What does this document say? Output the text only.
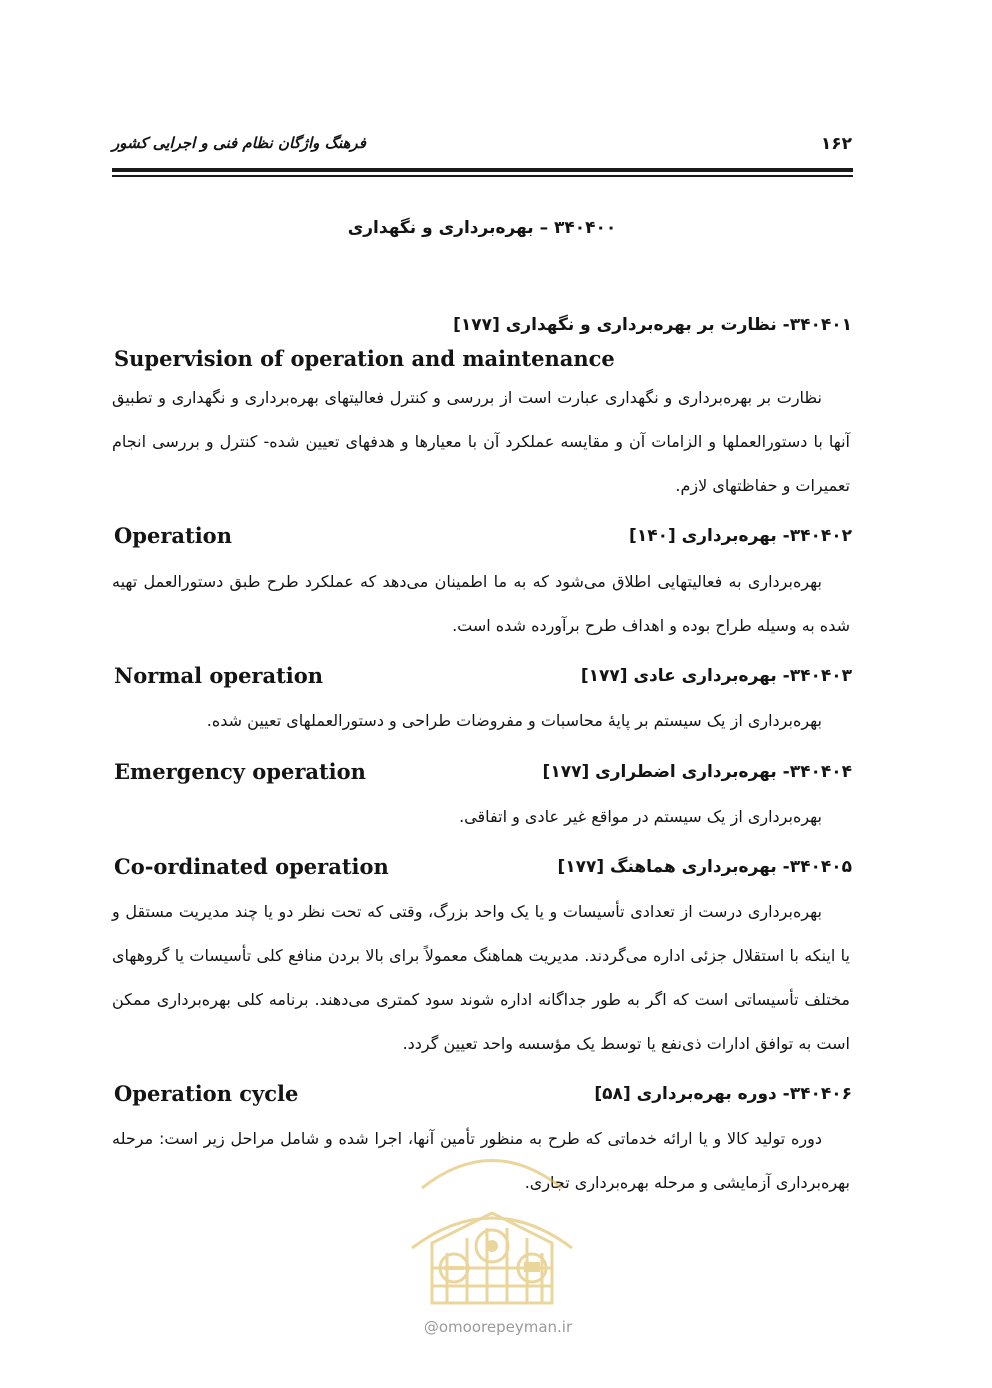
۱۶۲
فرهنگ واژگان نظام فنی و اجرایی کشور
۳۴۰۴۰۰ – بهره‌برداری و نگهداری
۳۴۰۴۰۱- نظارت بر بهره‌برداری و نگهداری [۱۷۷]
Supervision of operation and maintenance
نظارت بر بهره‌برداری و نگهداری عبارت است از بررسی و کنترل فعالیتهای بهره‌برداری و نگهداری و تطبیق آنها با دستورالعملها و الزامات آن و مقایسه عملکرد آن با معیارها و هدفهای تعیین شده- کنترل و بررسی انجام تعمیرات و حفاظتهای لازم.
۳۴۰۴۰۲- بهره‌برداری [۱۴۰]
Operation
بهره‌برداری به فعالیتهایی اطلاق می‌شود که به ما اطمینان می‌دهد که عملکرد طرح طبق دستورالعمل تهیه شده به وسیله طراح بوده و اهداف طرح برآورده شده است.
۳۴۰۴۰۳- بهره‌برداری عادی [۱۷۷]
Normal operation
بهره‌برداری از یک سیستم بر پایۀ محاسبات و مفروضات طراحی و دستورالعملهای تعیین شده.
۳۴۰۴۰۴- بهره‌برداری اضطراری [۱۷۷]
Emergency operation
بهره‌برداری از یک سیستم در مواقع غیر عادی و اتفاقی.
۳۴۰۴۰۵- بهره‌برداری هماهنگ [۱۷۷]
Co-ordinated operation
بهره‌برداری درست از تعدادی تأسیسات و یا یک واحد بزرگ، وقتی که تحت نظر دو یا چند مدیریت مستقل و یا اینکه با استقلال جزئی اداره می‌گردند. مدیریت هماهنگ معمولاً برای بالا بردن منافع کلی تأسیسات یا گروههای مختلف تأسیساتی است که اگر به طور جداگانه اداره شوند سود کمتری می‌دهند. برنامه کلی بهره‌برداری ممکن است به توافق ادارات ذی‌نفع یا توسط یک مؤسسه واحد تعیین گردد.
۳۴۰۴۰۶- دوره بهره‌برداری [۵۸]
Operation cycle
دوره تولید کالا و یا ارائه خدماتی که طرح به منظور تأمین آنها، اجرا شده و شامل مراحل زیر است: مرحله بهره‌برداری آزمایشی و مرحله بهره‌برداری تجاری.
@omoorepeyman.ir
